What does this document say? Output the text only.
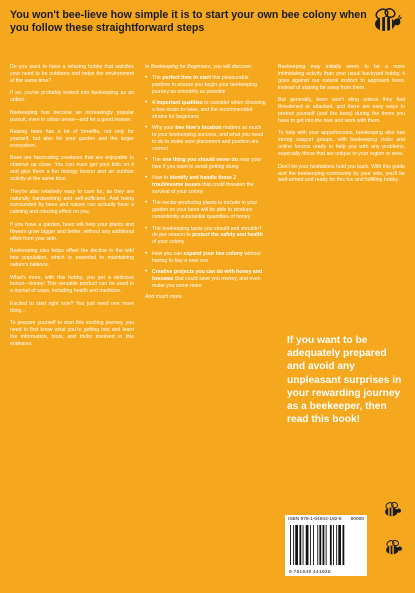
You won't bee-lieve how simple it is to start your own bee colony when you follow these straightforward steps

Do you want to have a relaxing hobby that satisfies your need to be outdoors and helps the environment at the same time?

If so, you've probably looked into beekeeping as an option.

Beekeeping has become an increasingly popular pursuit, even in urban areas—and for a good reason.

Raising bees has a lot of benefits, not only for yourself, but also for your garden and the larger ecosystem.

Bees are fascinating creatures that are enjoyable to observe up close. You can even get your kids on it and give them a fun biology lesson and an outdoor activity at the same time.

They're also relatively easy to care for, as they are naturally hardworking and self-sufficient. And being surrounded by bees and nature can actually have a calming and relaxing effect on you.

If you have a garden, bees will help your plants and flowers grow bigger and better, without any additional effort from your side.

Beekeeping also helps offset the decline in the wild bee population, which is essential to maintaining nature's balance.

What's more, with this hobby, you get a delicious bonus—honey! This versatile product can be used in a myriad of ways, including health and medicine.

Excited to start right now? You just need one more thing…

To prepare yourself to start this exciting journey, you need to first know what you're getting into and learn the information, tools, and tricks involved in this endeavor.

In Beekeeping for Beginners, you will discover:

• The perfect time to start this pleasurable pastime to ensure you begin your beekeeping journey as smoothly as possible
• 4 important qualities to consider when choosing a bee strain to raise, and the recommended strains for beginners
• Why your bee hive's location matters so much to your beekeeping success, and what you need to do to make sure placement and position are correct
• The one thing you should never do near your hive if you want to avoid getting stung
• How to identify and handle these 2 troublesome issues that could threaten the survival of your colony
• The nectar-producing plants to include in your garden so your bees will be able to produce consistently substantial quantities of honey
• The beekeeping tasks you should and shouldn't do per season to protect the safety and health of your colony
• How you can expand your bee colony without having to buy a new one
• Creative projects you can do with honey and beeswax that could save you money, and even make you some more

And much more.

Beekeeping may initially seem to be a more intimidating activity than your usual backyard hobby, it goes against our natural instinct to approach bees, instead of staying far away from them.

But generally, bees won't sting unless they feel threatened or attacked, and there are easy ways to protect yourself (and the bees) during the times you have to get into the hive and work with them.

To help with your apprehension, beekeeping also has strong support groups, with beekeeping clubs and online forums ready to help you with any problems, especially those that are unique to your region or area.

Don't let your hesitations hold you back. With this guide and the beekeeping community by your side, you'll be well-armed and ready for this fun and fulfilling hobby.

If you want to be adequately prepared and avoid any unpleasant surprises in your rewarding journey as a beekeeper, then read this book!
ISBN 978-1-64944-192-8 90000
9 781649 441928
